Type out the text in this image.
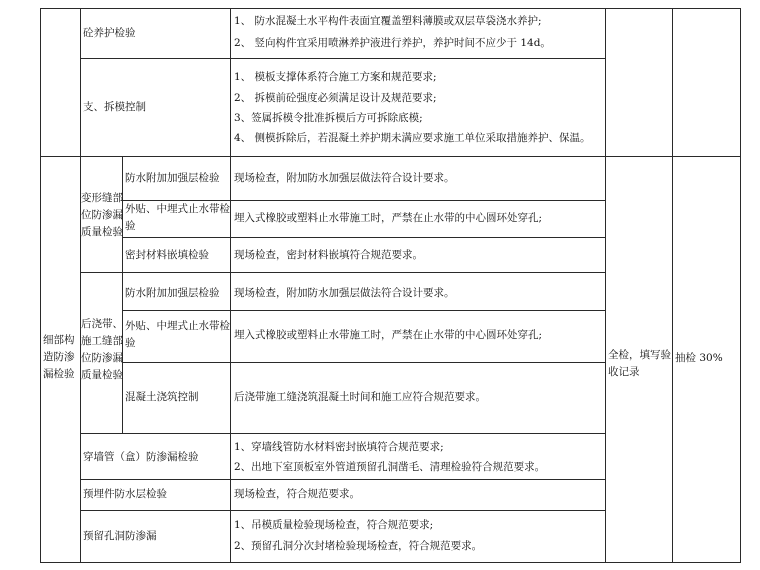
砼养护检验
1、 防水混凝土水平构件表面宜覆盖塑料薄膜或双层草袋浇水养护;
2、 竖向构件宜采用喷淋养护液进行养护，养护时间不应少于 14d。
支、拆模控制
1、 模板支撑体系符合施工方案和规范要求;
2、 拆模前砼强度必须满足设计及规范要求;
3、签属拆模令批准拆模后方可拆除底模;
4、 侧模拆除后，若混凝土养护期未满应要求施工单位采取措施养护、保温。
细部构造防渗漏检验
变形缝部位防渗漏质量检验
防水附加加强层检验 现场检查，附加防水加强层做法符合设计要求。
外贴、中埋式止水带检验
埋入式橡胶或塑料止水带施工时，严禁在止水带的中心圆环处穿孔;
密封材料嵌填检验 现场检查，密封材料嵌填符合规范要求。
后浇带、施工缝部位防渗漏质量检验
防水附加加强层检验 现场检查，附加防水加强层做法符合设计要求。
外贴、中埋式止水带检验
埋入式橡胶或塑料止水带施工时，严禁在止水带的中心圆环处穿孔;
混凝土浇筑控制	后浇带施工缝浇筑混凝土时间和施工应符合规范要求。
穿墙管（盒）防渗漏检验
1、穿墙线管防水材料密封嵌填符合规范要求;
2、出地下室顶板室外管道预留孔洞凿毛、清理检验符合规范要求。
预埋件防水层检验	现场检查，符合规范要求。
预留孔洞防渗漏
1、吊模质量检验现场检查，符合规范要求;
2、预留孔洞分次封堵检验现场检查，符合规范要求。
全检，填写验收记录
抽检 30%
